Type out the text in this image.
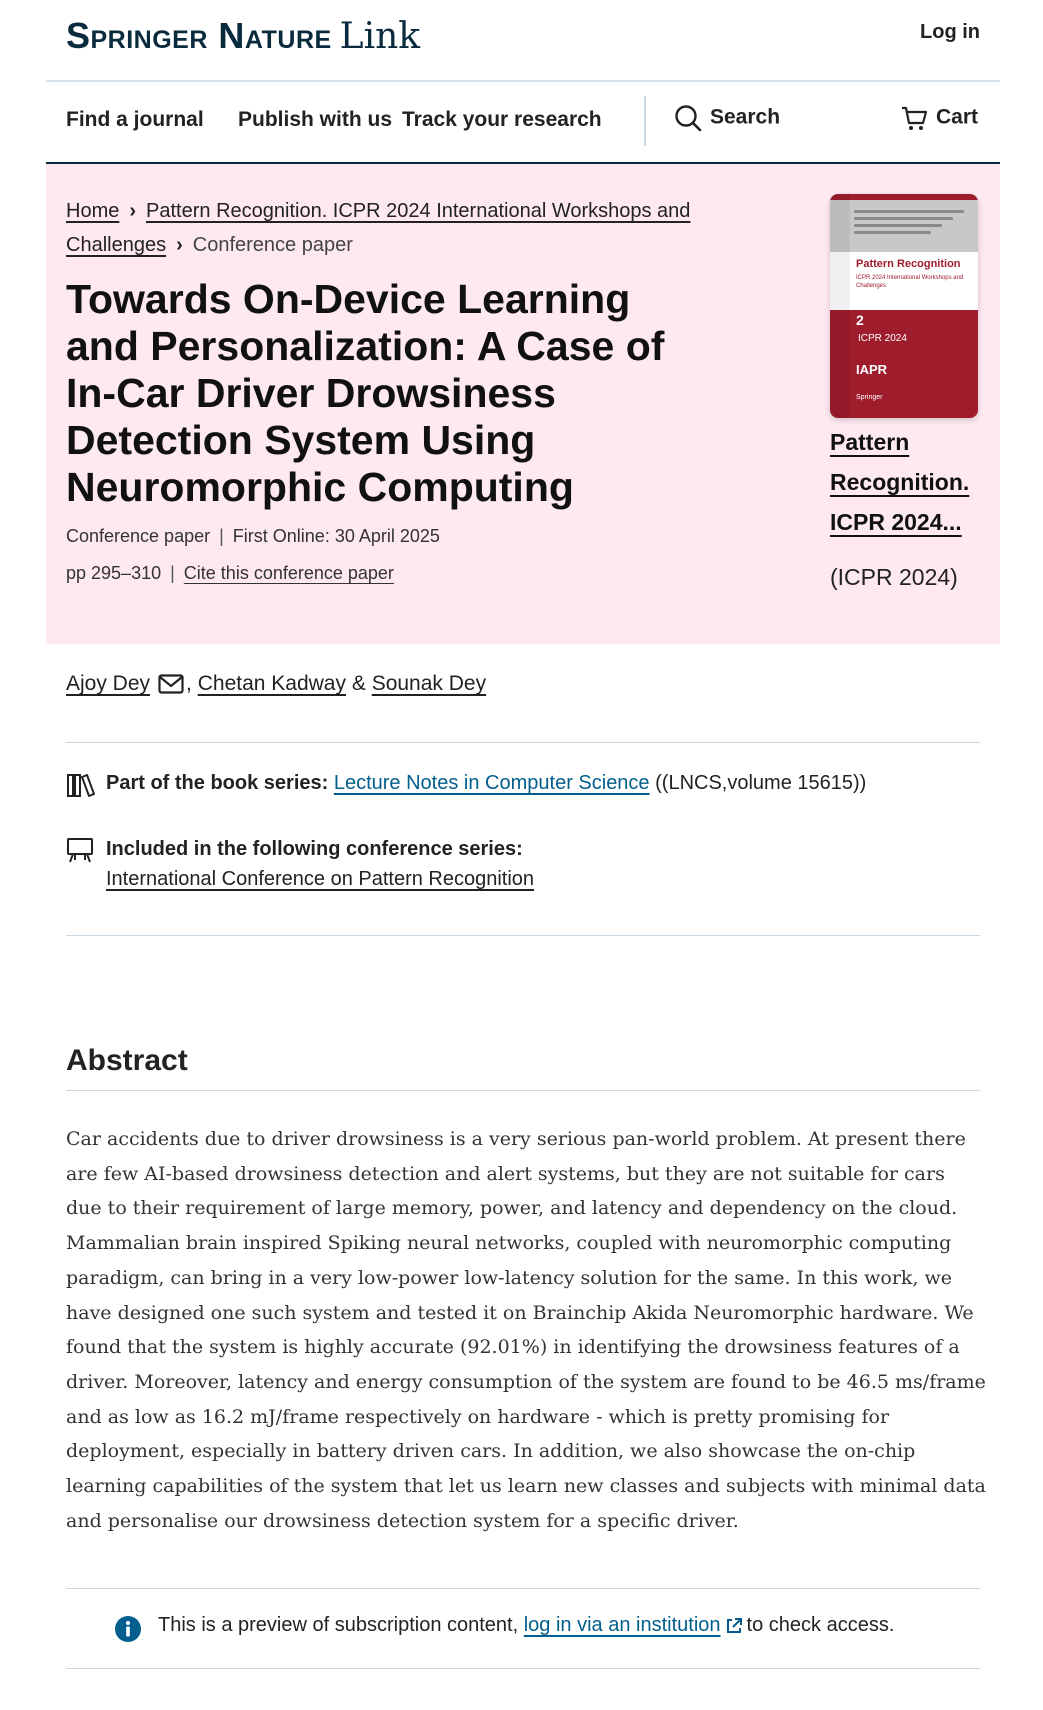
Springer Nature Link	Log in
Find a journal Publish with us Track your research	Search	Cart
Home › Pattern Recognition. ICPR 2024 International Workshops and Challenges › Conference paper
Towards On-Device Learning and Personalization: A Case of In-Car Driver Drowsiness Detection System Using Neuromorphic Computing
Conference paper | First Online: 30 April 2025
pp 295–310 | Cite this conference paper
Pattern Recognition
ICPR 2024 International Workshops and Challenges
2
ICPR 2024
IAPR
Springer
Pattern Recognition. ICPR 2024...
(ICPR 2024)
Ajoy Dey , Chetan Kadway & Sounak Dey
Part of the book series: Lecture Notes in Computer Science ((LNCS,volume 15615))
Included in the following conference series:
International Conference on Pattern Recognition
Abstract

Car accidents due to driver drowsiness is a very serious pan-world problem. At present there are few AI-based drowsiness detection and alert systems, but they are not suitable for cars due to their requirement of large memory, power, and latency and dependency on the cloud. Mammalian brain inspired Spiking neural networks, coupled with neuromorphic computing paradigm, can bring in a very low-power low-latency solution for the same. In this work, we have designed one such system and tested it on Brainchip Akida Neuromorphic hardware. We found that the system is highly accurate (92.01%) in identifying the drowsiness features of a driver. Moreover, latency and energy consumption of the system are found to be 46.5 ms/frame and as low as 16.2 mJ/frame respectively on hardware - which is pretty promising for deployment, especially in battery driven cars. In addition, we also showcase the on-chip learning capabilities of the system that let us learn new classes and subjects with minimal data and personalise our drowsiness detection system for a specific driver.

This is a preview of subscription content, log in via an institution to check access.
